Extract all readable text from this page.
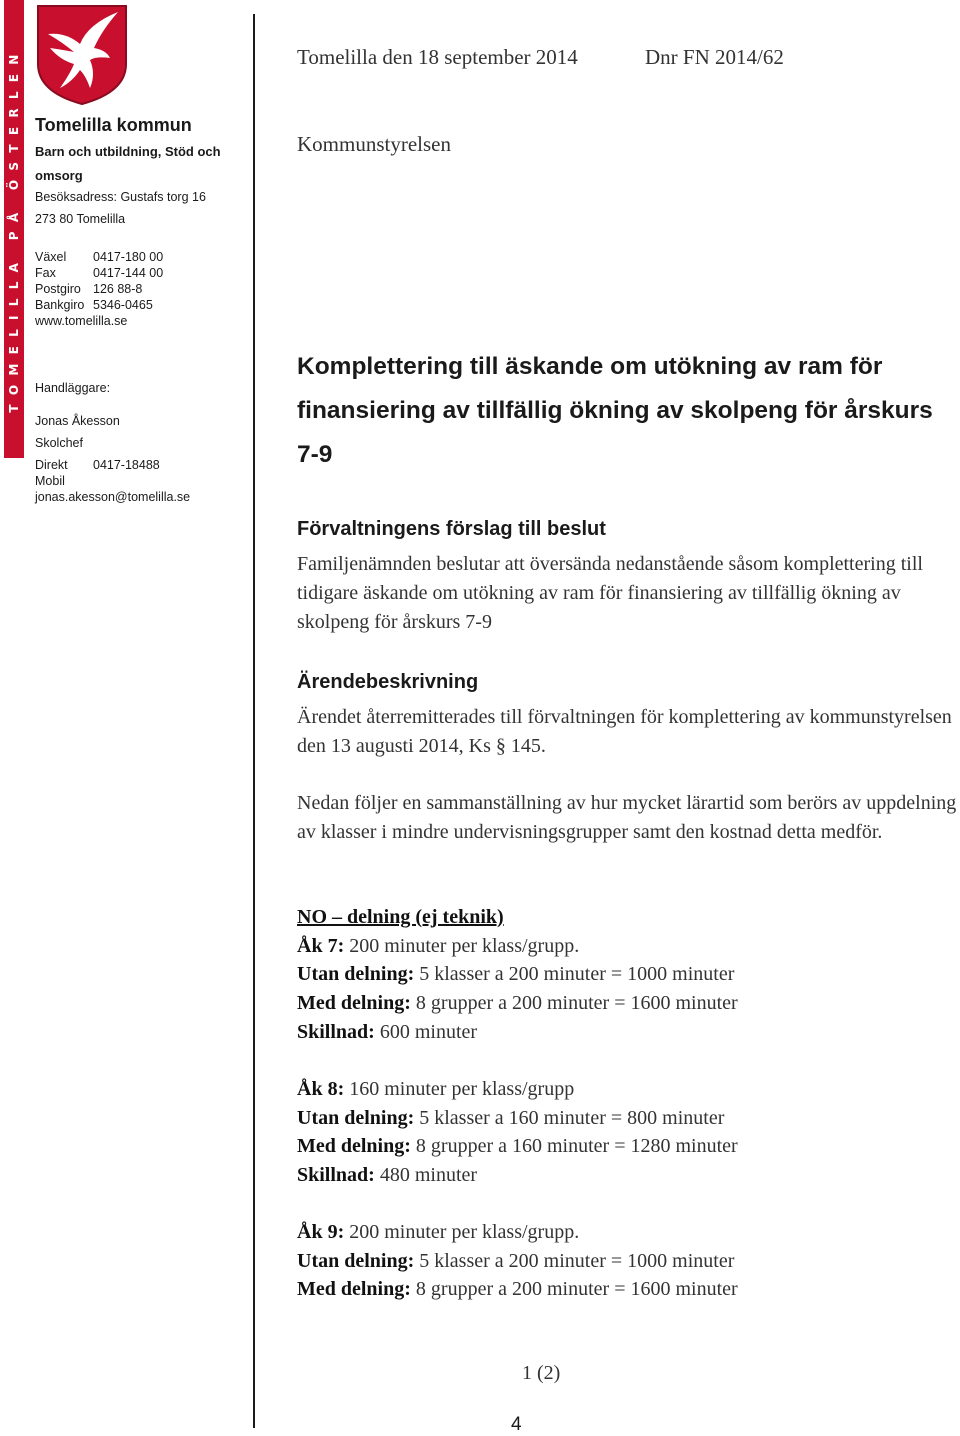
TOMELILLA PÅ ÖSTERLEN Tomelilla kommun
Barn och utbildning, Stöd och omsorg
Besöksadress: Gustafs torg 16
273 80 Tomelilla
Växel 0417-180 00
Fax	0417-144 00
Postgiro 126 88-8
Bankgiro 5346-0465
www.tomelilla.se
Handläggare:
Jonas Åkesson
Skolchef
Direkt 0417-18488
Mobil
jonas.akesson@tomelilla.se
Tomelilla den 18 september 2014	Dnr FN 2014/62
Kommunstyrelsen
Komplettering till äskande om utökning av ram för finansiering av tillfällig ökning av skolpeng för årskurs 7-9
Förvaltningens förslag till beslut
Familjenämnden beslutar att översända nedanstående såsom komplettering till tidigare äskande om utökning av ram för finansiering av tillfällig ökning av skolpeng för årskurs 7-9
Ärendebeskrivning
Ärendet återremitterades till förvaltningen för komplettering av kommunstyrelsen den 13 augusti 2014, Ks § 145.
Nedan följer en sammanställning av hur mycket lärartid som berörs av uppdelning av klasser i mindre undervisningsgrupper samt den kostnad detta medför.
NO – delning (ej teknik)
Åk 7: 200 minuter per klass/grupp.
Utan delning: 5 klasser a 200 minuter = 1000 minuter
Med delning: 8 grupper a 200 minuter = 1600 minuter
Skillnad: 600 minuter
Åk 8: 160 minuter per klass/grupp
Utan delning: 5 klasser a 160 minuter = 800 minuter
Med delning: 8 grupper a 160 minuter = 1280 minuter
Skillnad: 480 minuter
Åk 9: 200 minuter per klass/grupp.
Utan delning: 5 klasser a 200 minuter = 1000 minuter
Med delning: 8 grupper a 200 minuter = 1600 minuter
1 (2)
4
